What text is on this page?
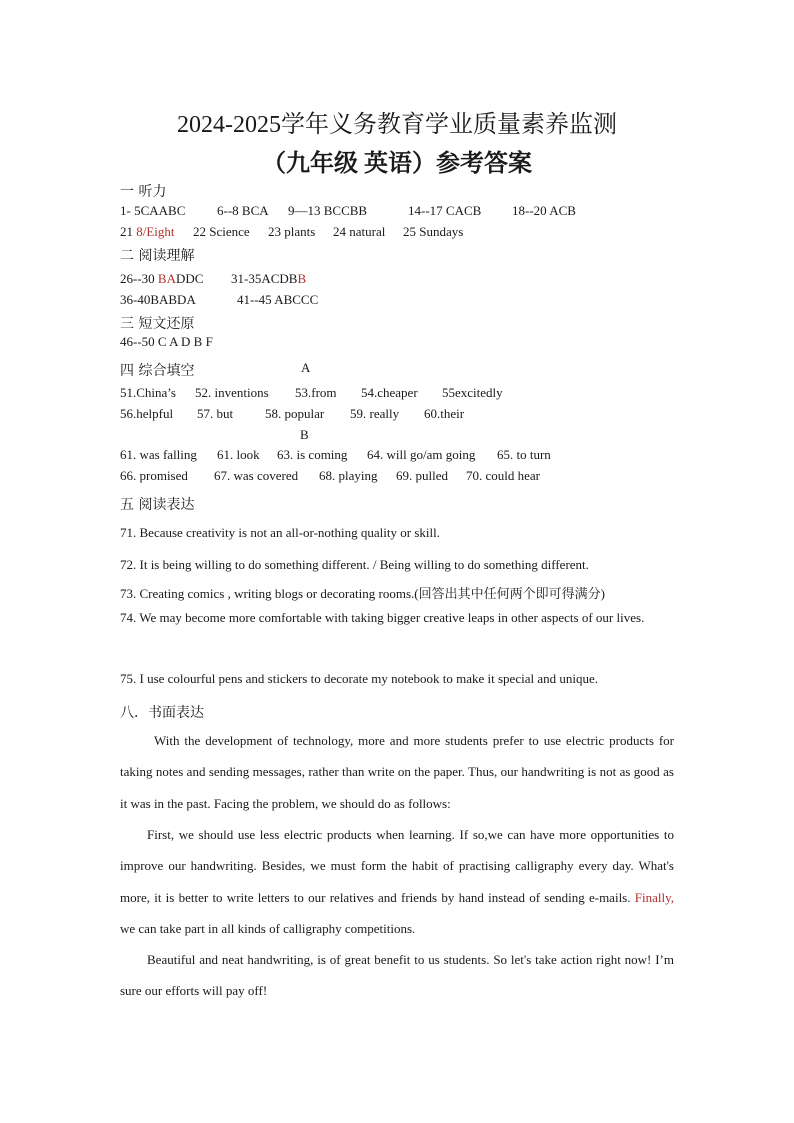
2024-2025学年义务教育学业质量素养监测
（九年级 英语）参考答案
一 听力
1- 5CAABC 6--8 BCA 9—13 BCCBB	14--17 CACB 18--20 ACB
21 8/Eight 22 Science 23 plants 24 natural 25 Sundays
二 阅读理解
26--30 BADDC 31-35ACDBB
36-40BABDA	41--45 ABCCC
三 短文还原
46--50 C A D B F
四 综合填空	A
51.China’s 52. inventions 53.from 54.cheaper 55excitedly
56.helpful 57. but 58. popular 59. really 60.their
B
61. was falling 61. look 63. is coming 64. will go/am going 65. to turn
66. promised 67. was covered 68. playing 69. pulled 70. could hear
五 阅读表达
71. Because creativity is not an all-or-nothing quality or skill.
72. It is being willing to do something different. / Being willing to do something different.
73. Creating comics , writing blogs or decorating rooms.(回答出其中任何两个即可得满分)
74. We may become more comfortable with taking bigger creative leaps in other aspects of our lives.
75. I use colourful pens and stickers to decorate my notebook to make it special and unique.
八．书面表达
With the development of technology, more and more students prefer to use electric products for taking notes and sending messages, rather than write on the paper. Thus, our handwriting is not as good as it was in the past. Facing the problem, we should do as follows:
First, we should use less electric products when learning. If so,we can have more opportunities to improve our handwriting. Besides, we must form the habit of practising calligraphy every day. What's more, it is better to write letters to our relatives and friends by hand instead of sending e-mails. Finally, we can take part in all kinds of calligraphy competitions.
Beautiful and neat handwriting, is of great benefit to us students. So let's take action right now! I’m sure our efforts will pay off!
